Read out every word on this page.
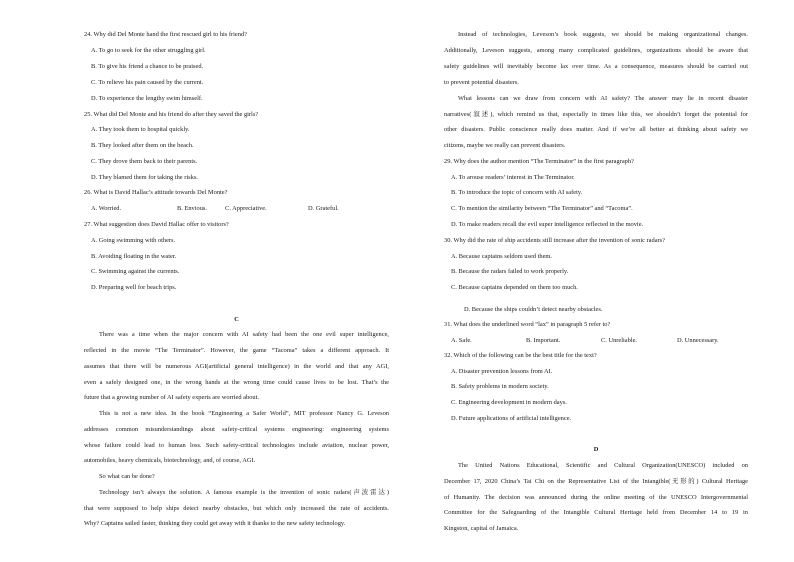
24. Why did Del Monte hand the first rescued girl to his friend?
A. To go to seek for the other struggling girl.
B. To give his friend a chance to be praised.
C. To relieve his pain caused by the current.
D. To experience the lengthy swim himself.
25. What did Del Monte and his friend do after they saved the girls?
A. They took them to hospital quickly.
B. They looked after them on the beach.
C. They drove them back to their parents.
D. They blamed them for taking the risks.
26. What is David Hallac’s attitude towards Del Monte?
A. Worried.	B. Envious.	C. Appreciative.	D. Grateful.
27. What suggestion does David Hallac offer to visitors?
A. Going swimming with others.
B. Avoiding floating in the water.
C. Swimming against the currents.
D. Preparing well for beach trips.
C
There was a time when the major concern with AI safety had been the one evil super intelligence,
reflected in the movie “The Terminator”. However, the game “Tacoma” takes a different approach. It
assumes that there will be numerous AGI(artificial general intelligence) in the world and that any AGI,
even a safely designed one, in the wrong hands at the wrong time could cause lives to be lost. That’s the
future that a growing number of AI safety experts are worried about.
This is not a new idea. In the book “Engineering a Safer World”, MIT professor Nancy G. Leveson
addresses common misunderstandings about safety-critical systems engineering: engineering systems
whose failure could lead to human loss. Such safety-critical technologies include aviation, nuclear power,
automobiles, heavy chemicals, biotechnology, and, of course, AGI.
So what can be done?
Technology isn’t always the solution. A famous example is the invention of sonic radars(声波雷达)
that were supposed to help ships detect nearby obstacles, but which only increased the rate of accidents.
Why? Captains sailed faster, thinking they could get away with it thanks to the new safety technology.
Instead of technologies, Leveson’s book suggests, we should be making organizational changes.
Additionally, Leveson suggests, among many complicated guidelines, organizations should be aware that
safety guidelines will inevitably become lax over time. As a consequence, measures should be carried out
to prevent potential disasters.
What lessons can we draw from concern with AI safety? The answer may lie in recent disaster
narratives(叙述), which remind us that, especially in times like this, we shouldn’t forget the potential for
other disasters. Public conscience really does matter. And if we’re all better at thinking about safety we
citizens, maybe we really can prevent disasters.
29. Why does the author mention “The Terminator” in the first paragraph?
A. To arouse readers’ interest in The Terminator.
B. To introduce the topic of concern with AI safety.
C. To mention the similarity between “The Terminator” and “Tacoma”.
D. To make readers recall the evil super intelligence reflected in the movie.
30. Why did the rate of ship accidents still increase after the invention of sonic radars?
A. Because captains seldom used them.
B. Because the radars failed to work properly.
C. Because captains depended on them too much.
D. Because the ships couldn’t detect nearby obstacles.
31. What does the underlined word “lax” in paragraph 5 refer to?
A. Safe.	B. Important.	C. Unreliable.	D. Unnecessary.
32. Which of the following can be the best title for the text?
A. Disaster prevention lessons from AI.
B. Safety problems in modern society.
C. Engineering development in modern days.
D. Future applications of artificial intelligence.
D
The United Nations Educational, Scientific and Cultural Organization(UNESCO) included on
December 17, 2020 China’s Tai Chi on the Representative List of the Intangible(无形的) Cultural Heritage
of Humanity. The decision was announced during the online meeting of the UNESCO Intergovernmental
Committee for the Safeguarding of the Intangible Cultural Heritage held from December 14 to 19 in
Kingston, capital of Jamaica.
